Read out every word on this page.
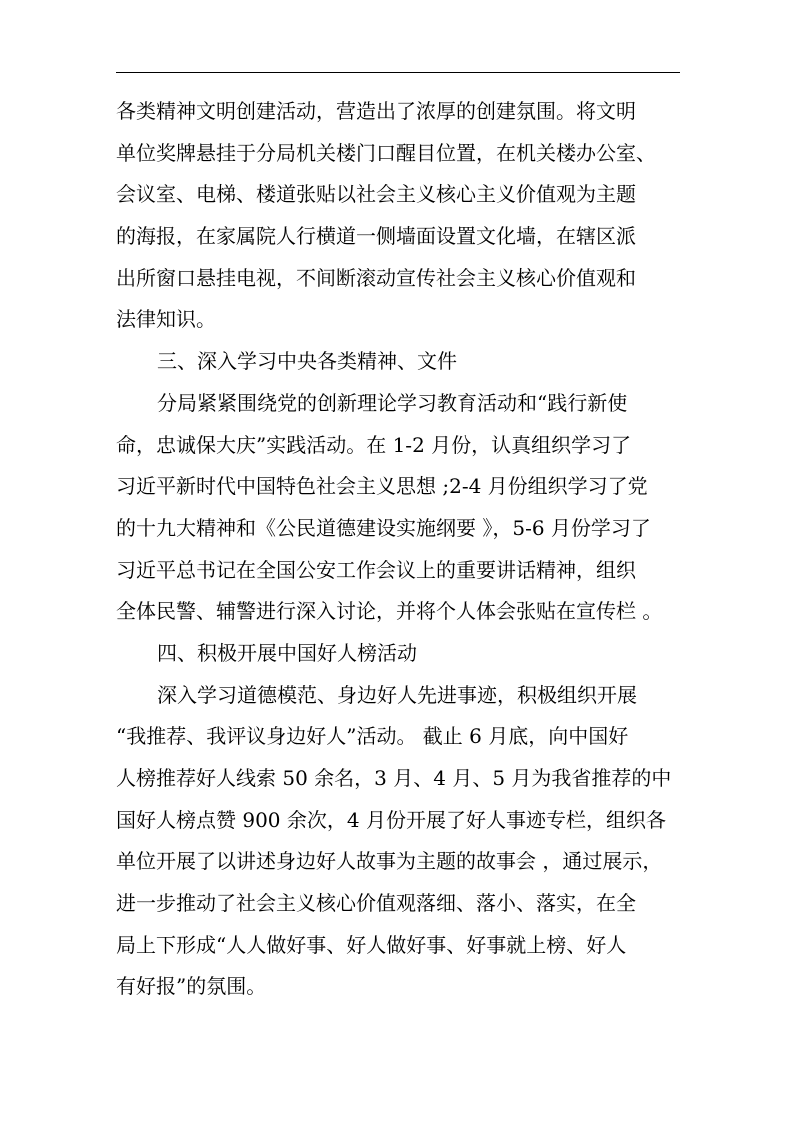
各类精神文明创建活动，营造出了浓厚的创建氛围。将文明
单位奖牌悬挂于分局机关楼门口醒目位置，在机关楼办公室、
会议室、电梯、楼道张贴以社会主义核心主义价值观为主题
的海报，在家属院人行横道一侧墙面设置文化墙，在辖区派
出所窗口悬挂电视，不间断滚动宣传社会主义核心价值观和
法律知识。
三、深入学习中央各类精神、文件
分局紧紧围绕党的创新理论学习教育活动和“践行新使
命，忠诚保大庆”实践活动。在 1-2 月份，认真组织学习了
习近平新时代中国特色社会主义思想 ;2-4 月份组织学习了党
的十九大精神和《公民道德建设实施纲要 》，5-6 月份学习了
习近平总书记在全国公安工作会议上的重要讲话精神，组织
全体民警、辅警进行深入讨论，并将个人体会张贴在宣传栏 。
四、积极开展中国好人榜活动
深入学习道德模范、身边好人先进事迹，积极组织开展
“我推荐、我评议身边好人”活动。 截止 6 月底，向中国好
人榜推荐好人线索 50 余名，3 月、4 月、5 月为我省推荐的中
国好人榜点赞 900 余次，4 月份开展了好人事迹专栏，组织各
单位开展了以讲述身边好人故事为主题的故事会 ，通过展示，
进一步推动了社会主义核心价值观落细、落小、落实，在全
局上下形成“人人做好事、好人做好事、好事就上榜、好人
有好报”的氛围。
